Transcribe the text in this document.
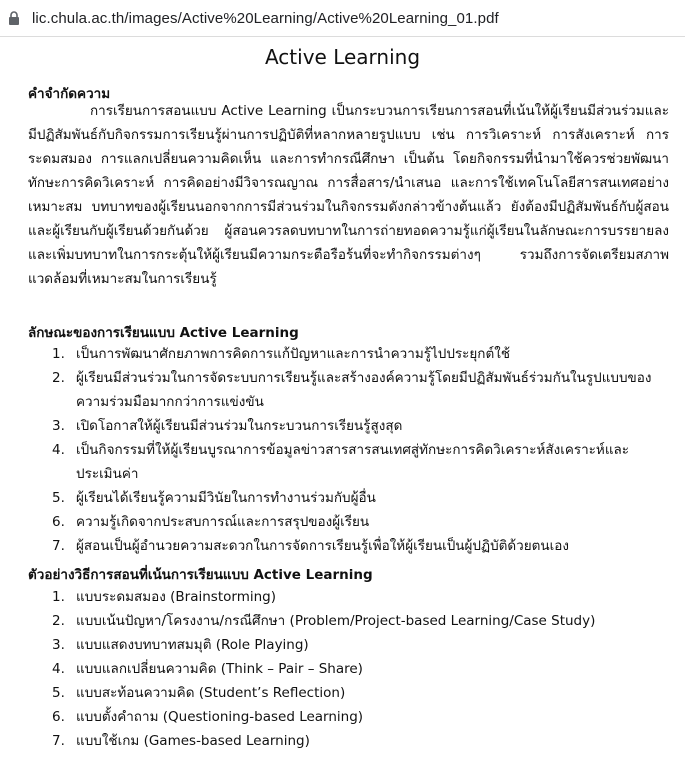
lic.chula.ac.th/images/Active%20Learning/Active%20Learning_01.pdf
Active Learning
คำจำกัดความ

การเรียนการสอนแบบ Active Learning เป็นกระบวนการเรียนการสอนที่เน้นให้ผู้เรียนมีส่วนร่วมและมีปฏิสัมพันธ์กับกิจกรรมการเรียนรู้ผ่านการปฏิบัติที่หลากหลายรูปแบบ เช่น การวิเคราะห์ การสังเคราะห์ การระดมสมอง การแลกเปลี่ยนความคิดเห็น และการทำกรณีศึกษา เป็นต้น โดยกิจกรรมที่นำมาใช้ควรช่วยพัฒนาทักษะการคิดวิเคราะห์ การคิดอย่างมีวิจารณญาณ การสื่อสาร/นำเสนอ และการใช้เทคโนโลยีสารสนเทศอย่างเหมาะสม บทบาทของผู้เรียนนอกจากการมีส่วนร่วมในกิจกรรมดังกล่าวข้างต้นแล้ว ยังต้องมีปฏิสัมพันธ์กับผู้สอนและผู้เรียนกับผู้เรียนด้วยกันด้วย ผู้สอนควรลดบทบาทในการถ่ายทอดความรู้แก่ผู้เรียนในลักษณะการบรรยายลง และเพิ่มบทบาทในการกระตุ้นให้ผู้เรียนมีความกระตือรือร้นที่จะทำกิจกรรมต่างๆ รวมถึงการจัดเตรียมสภาพแวดล้อมที่เหมาะสมในการเรียนรู้

ลักษณะของการเรียนแบบ Active Learning
1. เป็นการพัฒนาศักยภาพการคิดการแก้ปัญหาและการนำความรู้ไปประยุกต์ใช้
2. ผู้เรียนมีส่วนร่วมในการจัดระบบการเรียนรู้และสร้างองค์ความรู้โดยมีปฏิสัมพันธ์ร่วมกันในรูปแบบของความร่วมมือมากกว่าการแข่งขัน
3. เปิดโอกาสให้ผู้เรียนมีส่วนร่วมในกระบวนการเรียนรู้สูงสุด
4. เป็นกิจกรรมที่ให้ผู้เรียนบูรณาการข้อมูลข่าวสารสารสนเทศสู่ทักษะการคิดวิเคราะห์สังเคราะห์และประเมินค่า
5. ผู้เรียนได้เรียนรู้ความมีวินัยในการทำงานร่วมกับผู้อื่น
6. ความรู้เกิดจากประสบการณ์และการสรุปของผู้เรียน
7. ผู้สอนเป็นผู้อำนวยความสะดวกในการจัดการเรียนรู้เพื่อให้ผู้เรียนเป็นผู้ปฏิบัติด้วยตนเอง
ตัวอย่างวิธีการสอนที่เน้นการเรียนแบบ Active Learning
1. แบบระดมสมอง (Brainstorming)
2. แบบเน้นปัญหา/โครงงาน/กรณีศึกษา (Problem/Project-based Learning/Case Study)
3. แบบแสดงบทบาทสมมุติ (Role Playing)
4. แบบแลกเปลี่ยนความคิด (Think – Pair – Share)
5. แบบสะท้อนความคิด (Student’s Reflection)
6. แบบตั้งคำถาม (Questioning-based Learning)
7. แบบใช้เกม (Games-based Learning)
